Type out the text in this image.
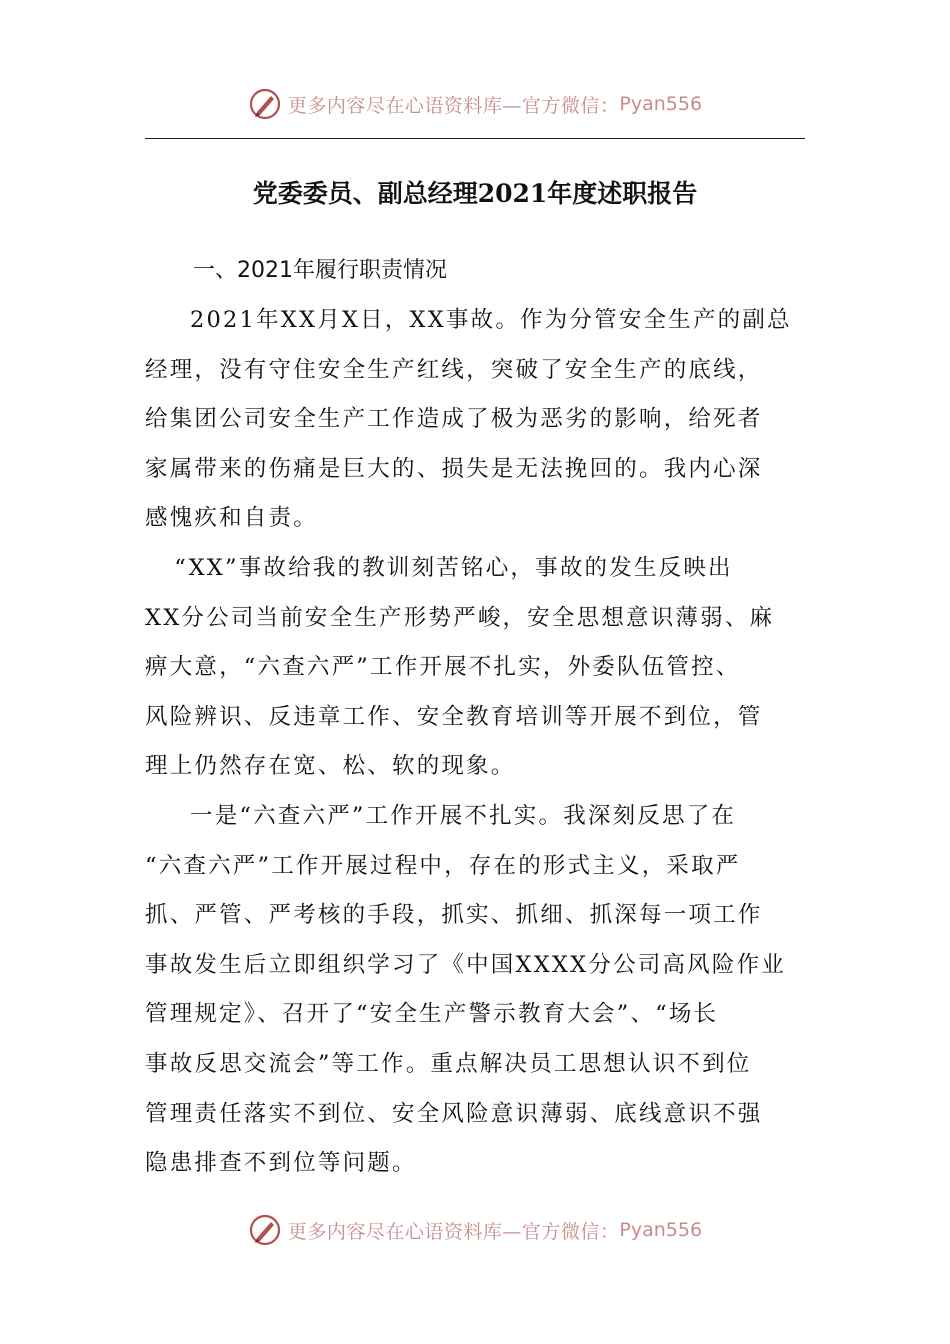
更多内容尽在心语资料库—官方微信： Pyan556
党委委员、副总经理2021年度述职报告
一、2021年履行职责情况
2021年XX月X日，XX事故。作为分管安全生产的副总
经理，没有守住安全生产红线，突破了安全生产的底线，
给集团公司安全生产工作造成了极为恶劣的影响，给死者
家属带来的伤痛是巨大的、损失是无法挽回的。我内心深
感愧疚和自责。
“XX”事故给我的教训刻苦铭心，事故的发生反映出
XX分公司当前安全生产形势严峻，安全思想意识薄弱、麻
痹大意，“六查六严”工作开展不扎实，外委队伍管控、
风险辨识、反违章工作、安全教育培训等开展不到位，管
理上仍然存在宽、松、软的现象。
一是“六查六严”工作开展不扎实。我深刻反思了在
“六查六严”工作开展过程中，存在的形式主义，采取严
抓、严管、严考核的手段，抓实、抓细、抓深每一项工作
事故发生后立即组织学习了《中国XXXX分公司高风险作业
管理规定》、召开了“安全生产警示教育大会”、“场长
事故反思交流会”等工作。重点解决员工思想认识不到位
管理责任落实不到位、安全风险意识薄弱、底线意识不强
隐患排查不到位等问题。
更多内容尽在心语资料库—官方微信： Pyan556
